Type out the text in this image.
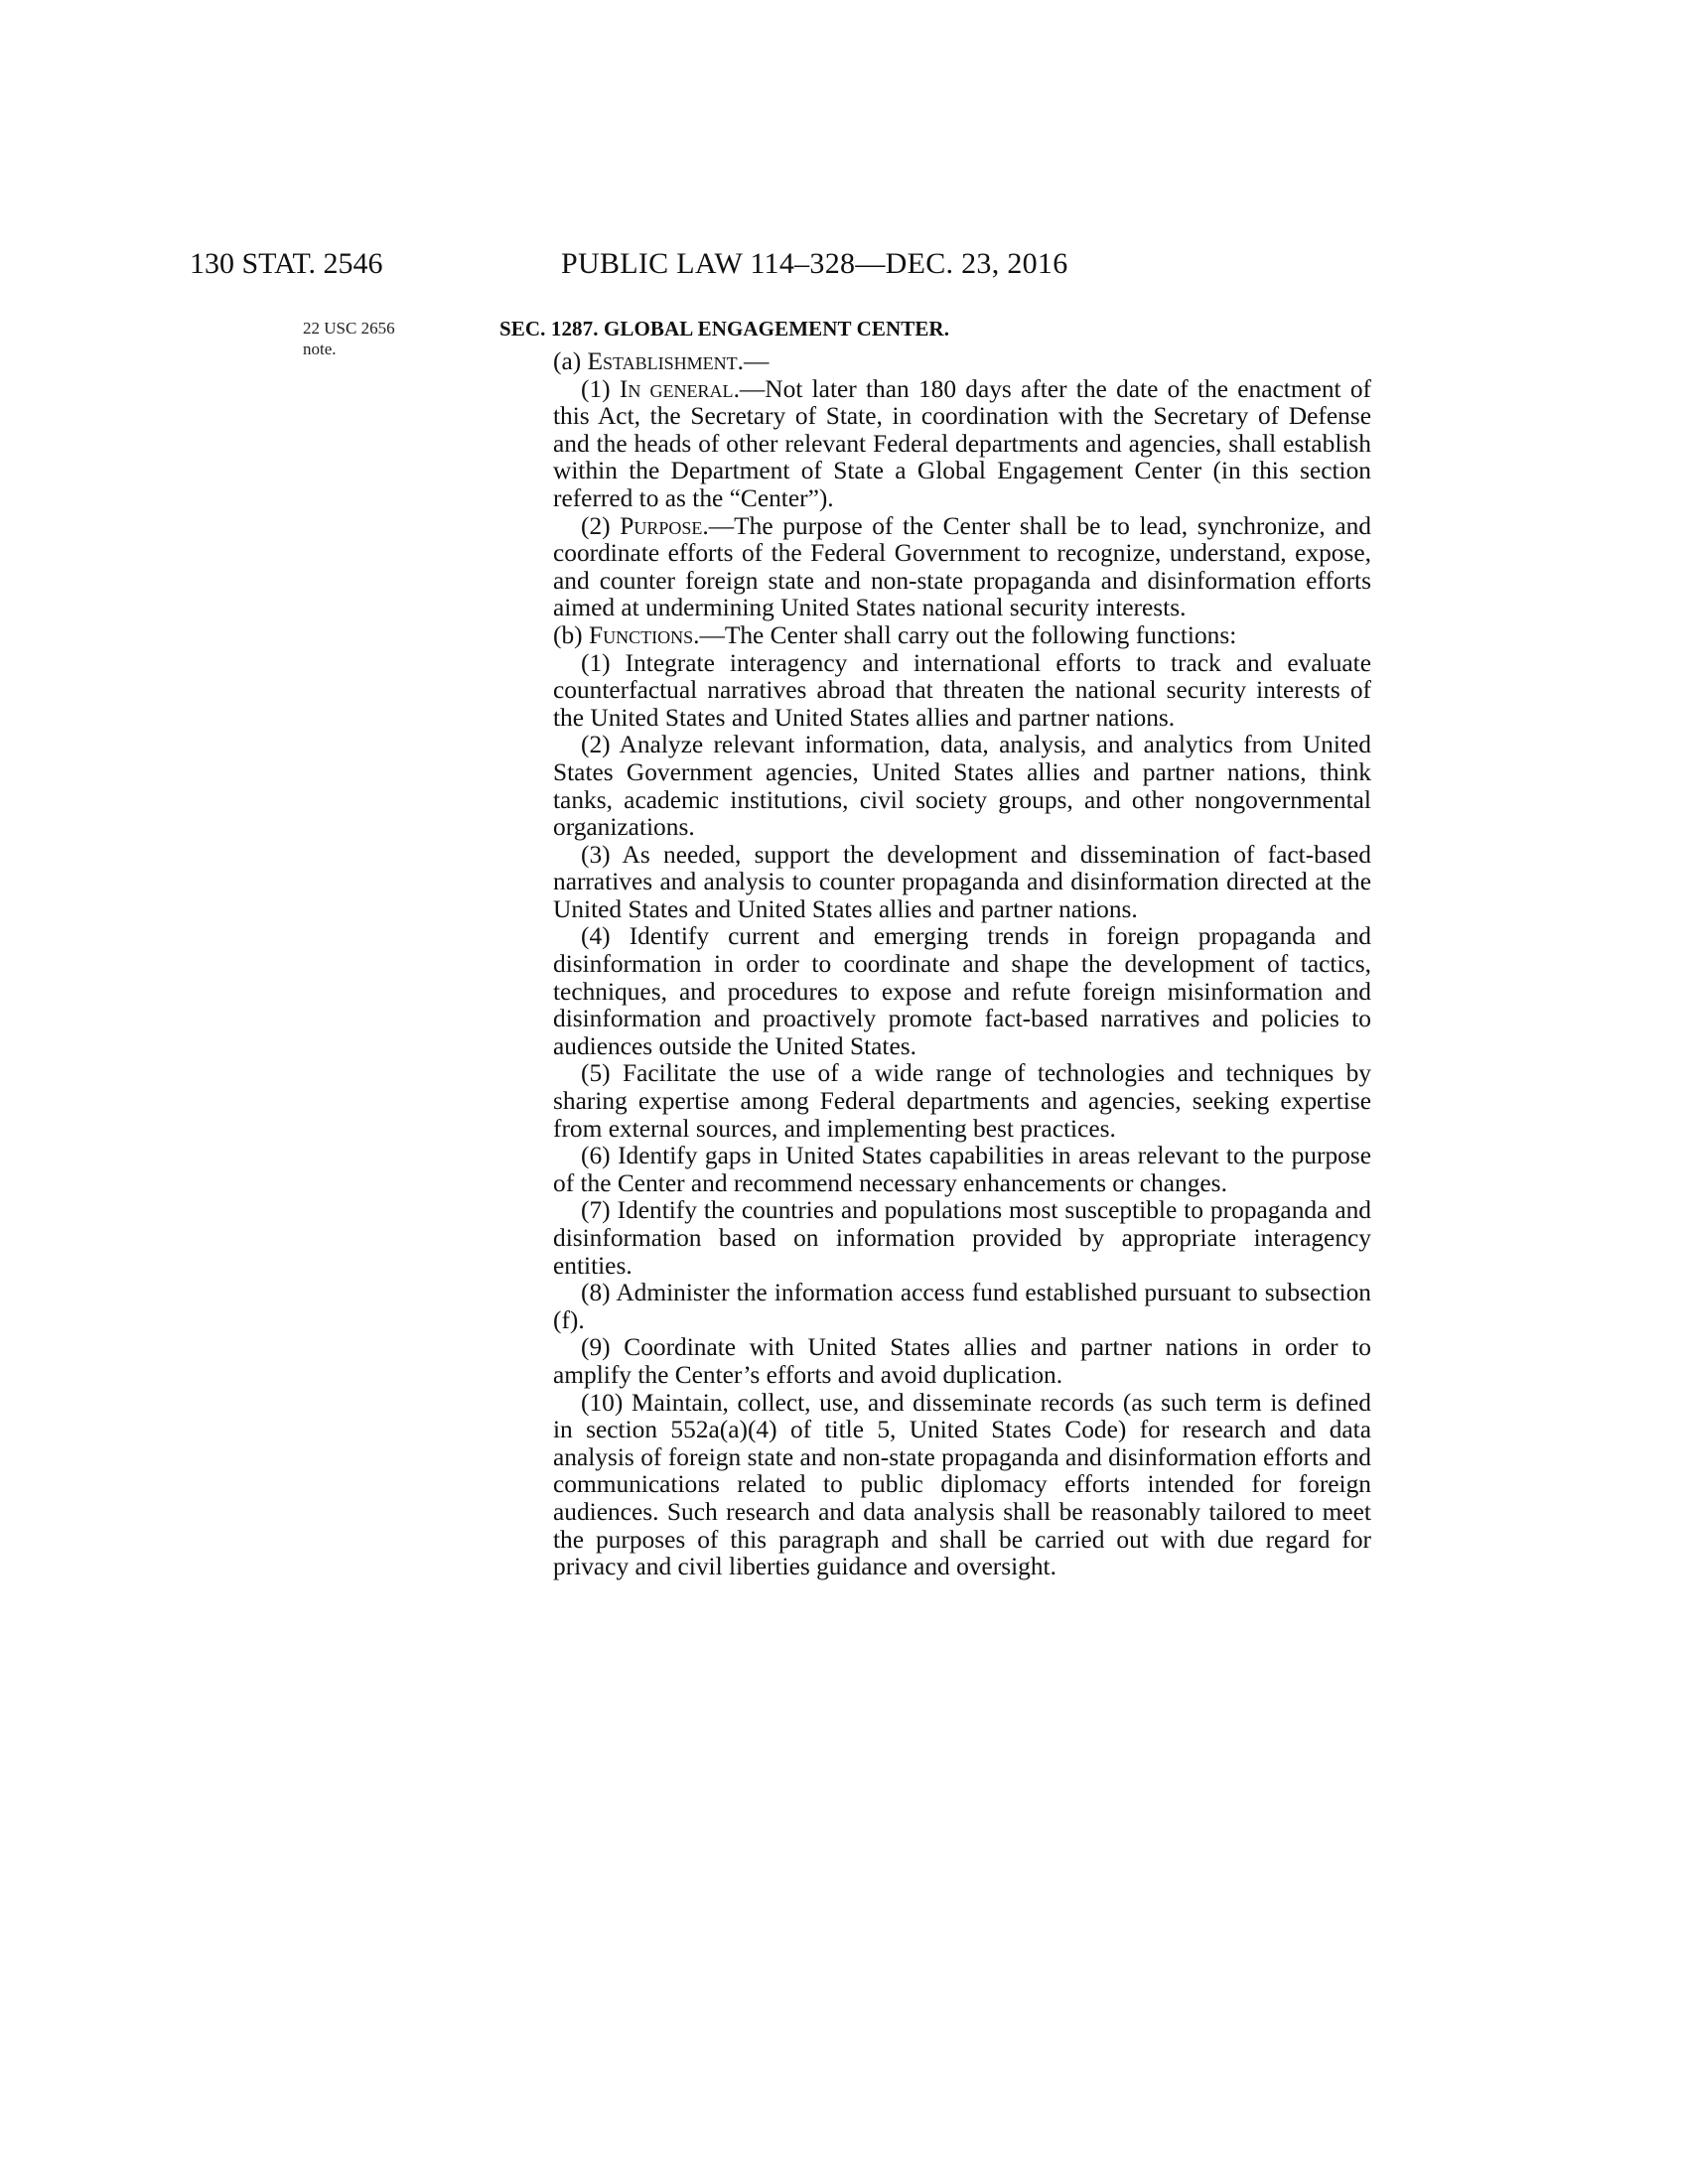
130 STAT. 2546	PUBLIC LAW 114–328—DEC. 23, 2016
22 USC 2656
note.
SEC. 1287. GLOBAL ENGAGEMENT CENTER.

(a) Establishment.—

(1) In general.—Not later than 180 days after the date of the enactment of this Act, the Secretary of State, in coordination with the Secretary of Defense and the heads of other relevant Federal departments and agencies, shall establish within the Department of State a Global Engagement Center (in this section referred to as the “Center”).

(2) Purpose.—The purpose of the Center shall be to lead, synchronize, and coordinate efforts of the Federal Government to recognize, understand, expose, and counter foreign state and non-state propaganda and disinformation efforts aimed at undermining United States national security interests.

(b) Functions.—The Center shall carry out the following functions:

(1) Integrate interagency and international efforts to track and evaluate counterfactual narratives abroad that threaten the national security interests of the United States and United States allies and partner nations.

(2) Analyze relevant information, data, analysis, and analytics from United States Government agencies, United States allies and partner nations, think tanks, academic institutions, civil society groups, and other nongovernmental organizations.

(3) As needed, support the development and dissemination of fact-based narratives and analysis to counter propaganda and disinformation directed at the United States and United States allies and partner nations.

(4) Identify current and emerging trends in foreign propaganda and disinformation in order to coordinate and shape the development of tactics, techniques, and procedures to expose and refute foreign misinformation and disinformation and proactively promote fact-based narratives and policies to audiences outside the United States.

(5) Facilitate the use of a wide range of technologies and techniques by sharing expertise among Federal departments and agencies, seeking expertise from external sources, and implementing best practices.

(6) Identify gaps in United States capabilities in areas relevant to the purpose of the Center and recommend necessary enhancements or changes.

(7) Identify the countries and populations most susceptible to propaganda and disinformation based on information provided by appropriate interagency entities.

(8) Administer the information access fund established pursuant to subsection (f).

(9) Coordinate with United States allies and partner nations in order to amplify the Center’s efforts and avoid duplication.

(10) Maintain, collect, use, and disseminate records (as such term is defined in section 552a(a)(4) of title 5, United States Code) for research and data analysis of foreign state and non-state propaganda and disinformation efforts and communications related to public diplomacy efforts intended for foreign audiences. Such research and data analysis shall be reasonably tailored to meet the purposes of this paragraph and shall be carried out with due regard for privacy and civil liberties guidance and oversight.
